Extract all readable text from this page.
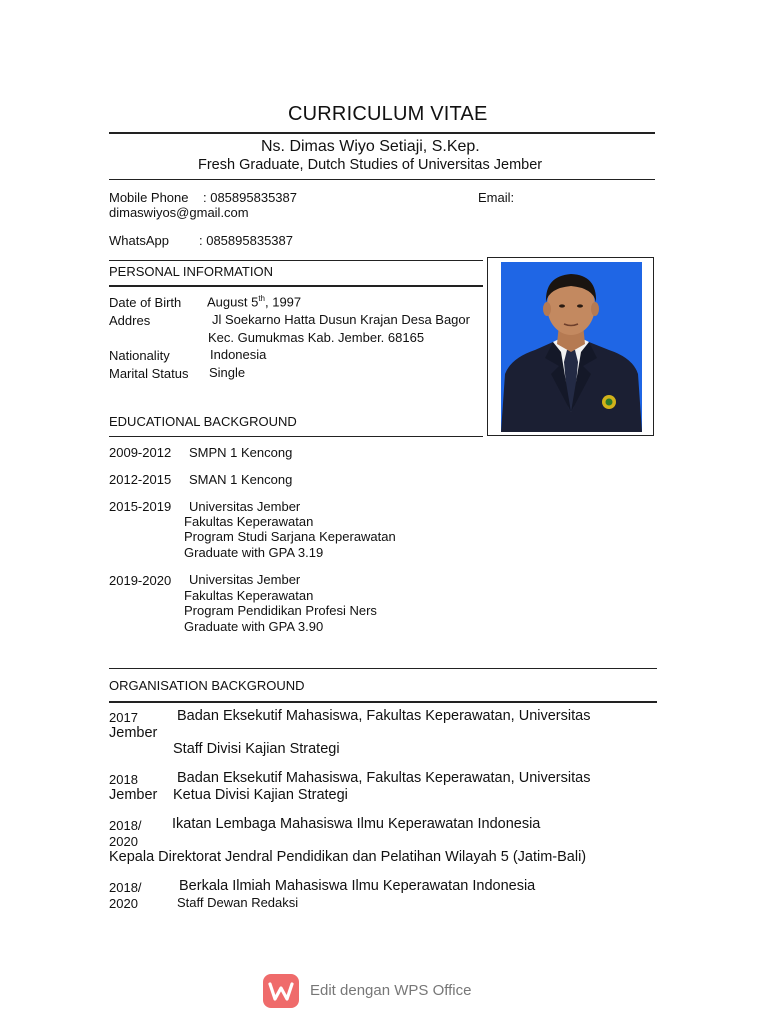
CURRICULUM VITAE
Ns. Dimas Wiyo Setiaji, S.Kep.
Fresh Graduate, Dutch Studies of Universitas Jember
Mobile Phone : 085895835387	Email:
dimaswiyos@gmail.com
WhatsApp : 085895835387
PERSONAL INFORMATION
Date of Birth August 5th, 1997
Addres	Jl Soekarno Hatta Dusun Krajan Desa Bagor
Kec. Gumukmas Kab. Jember. 68165
Nationality	Indonesia
Marital Status Single
EDUCATIONAL BACKGROUND
2009-2012 SMPN 1 Kencong
2012-2015 SMAN 1 Kencong
2015-2019 Universitas Jember
Fakultas Keperawatan
Program Studi Sarjana Keperawatan
Graduate with GPA 3.19
2019-2020 Universitas Jember
Fakultas Keperawatan
Program Pendidikan Profesi Ners
Graduate with GPA 3.90
ORGANISATION BACKGROUND
2017	Badan Eksekutif Mahasiswa, Fakultas Keperawatan, Universitas
Jember
Staff Divisi Kajian Strategi
2018	Badan Eksekutif Mahasiswa, Fakultas Keperawatan, Universitas
Jember Ketua Divisi Kajian Strategi
2018/ Ikatan Lembaga Mahasiswa Ilmu Keperawatan Indonesia
2020
Kepala Direktorat Jendral Pendidikan dan Pelatihan Wilayah 5 (Jatim-Bali)
2018/	Berkala Ilmiah Mahasiswa Ilmu Keperawatan Indonesia
2020	Staff Dewan Redaksi
Edit dengan WPS Office
